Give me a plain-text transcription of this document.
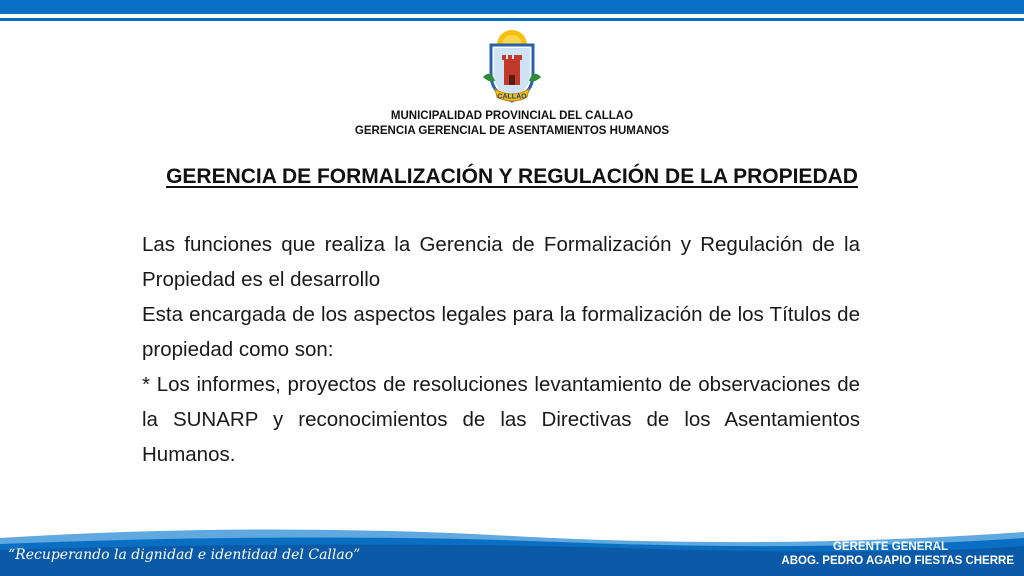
CALLAO
MUNICIPALIDAD PROVINCIAL DEL CALLAO
GERENCIA GERENCIAL DE ASENTAMIENTOS HUMANOS
GERENCIA DE FORMALIZACIÓN Y REGULACIÓN DE LA PROPIEDAD

Las funciones que realiza la Gerencia de Formalización y Regulación de la Propiedad es el desarrollo

Esta encargada de los aspectos legales para la formalización de los Títulos de propiedad como son:

* Los informes, proyectos de resoluciones levantamiento de observaciones de la SUNARP y reconocimientos de las Directivas de los Asentamientos Humanos.

“Recuperando la dignidad e identidad del Callao”	GERENTE GENERAL
ABOG. PEDRO AGAPIO FIESTAS CHERRE
